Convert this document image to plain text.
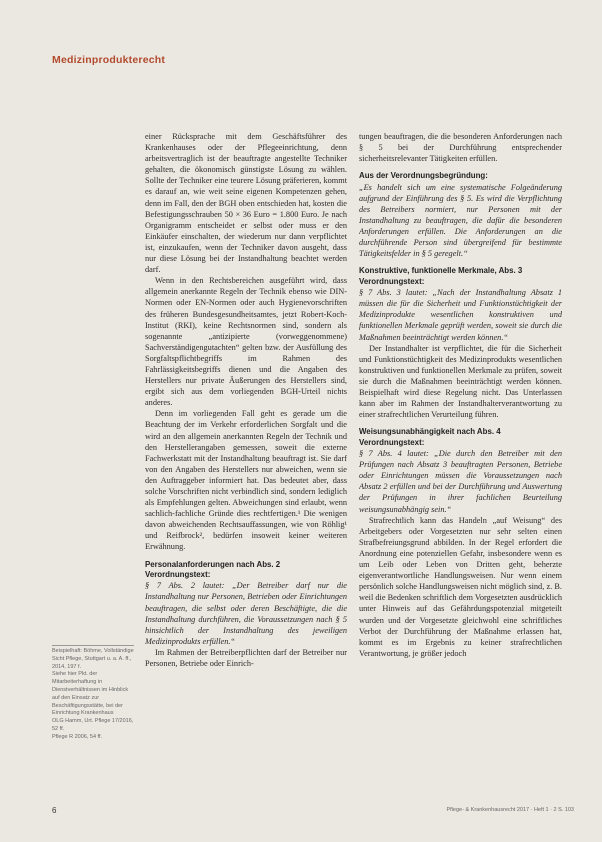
Medizinprodukterecht

einer Rücksprache mit dem Geschäftsführer des Krankenhauses oder der Pflegeeinrichtung, denn arbeitsvertraglich ist der beauftragte angestellte Techniker gehalten, die ökonomisch günstigste Lösung zu wählen. Sollte der Techniker eine teurere Lösung präferieren, kommt es darauf an, wie weit seine eigenen Kompetenzen gehen, denn im Fall, den der BGH oben entschieden hat, kosten die Befestigungsschrauben 50 × 36 Euro = 1.800 Euro. Je nach Organigramm entscheidet er selbst oder muss er den Einkäufer einschalten, der wiederum nur dann verpflichtet ist, einzukaufen, wenn der Techniker davon ausgeht, dass nur diese Lösung bei der Instandhaltung beachtet werden darf.

Wenn in den Rechtsbereichen ausgeführt wird, dass allgemein anerkannte Regeln der Technik ebenso wie DIN-Normen oder EN-Normen oder auch Hygienevorschriften des früheren Bundesgesundheitsamtes, jetzt Robert-Koch-Institut (RKI), keine Rechtsnormen sind, sondern als sogenannte „antizipierte (vorweggenommene) Sachverständigengutachten“ gelten bzw. der Ausfüllung des Sorgfaltspflichtbegriffs im Rahmen des Fahrlässigkeitsbegriffs dienen und die Angaben des Herstellers nur private Äußerungen des Herstellers sind, ergibt sich aus dem vorliegenden BGH-Urteil nichts anderes.

Denn im vorliegenden Fall geht es gerade um die Beachtung der im Verkehr erforderlichen Sorgfalt und die wird an den allgemein anerkannten Regeln der Technik und den Herstellerangaben gemessen, soweit die externe Fachwerkstatt mit der Instandhaltung beauftragt ist. Sie darf von den Angaben des Herstellers nur abweichen, wenn sie den Auftraggeber informiert hat. Das bedeutet aber, dass solche Vorschriften nicht verbindlich sind, sondern lediglich als Empfehlungen gelten. Abweichungen sind erlaubt, wenn sachlich-fachliche Gründe dies rechtfertigen.¹ Die wenigen davon abweichenden Rechtsauffassungen, wie von Röhlig¹ und Reifbrock², bedürfen insoweit keiner weiteren Erwähnung.

Personalanforderungen nach Abs. 2
Verordnungstext:

§ 7 Abs. 2 lautet: „Der Betreiber darf nur die Instandhaltung nur Personen, Betrieben oder Einrichtungen beauftragen, die selbst oder deren Beschäftigte, die die Instandhaltung durchführen, die Voraussetzungen nach § 5 hinsichtlich der Instandhaltung des jeweiligen Medizinprodukts erfüllen.“

Im Rahmen der Betreiberpflichten darf der Betreiber nur Personen, Betriebe oder Einrich-

tungen beauftragen, die die besonderen Anforderungen nach § 5 bei der Durchführung entsprechender sicherheitsrelevanter Tätigkeiten erfüllen.

Aus der Verordnungsbegründung:

„Es handelt sich um eine systematische Folgeänderung aufgrund der Einführung des § 5. Es wird die Verpflichtung des Betreibers normiert, nur Personen mit der Instandhaltung zu beauftragen, die dafür die besonderen Anforderungen erfüllen. Die Anforderungen an die durchführende Person sind übergreifend für bestimmte Tätigkeitsfelder in § 5 geregelt.“

Konstruktive, funktionelle Merkmale, Abs. 3
Verordnungstext:

§ 7 Abs. 3 lautet: „Nach der Instandhaltung Absatz 1 müssen die für die Sicherheit und Funktionstüchtigkeit der Medizinprodukte wesentlichen konstruktiven und funktionellen Merkmale geprüft werden, soweit sie durch die Maßnahmen beeinträchtigt werden können.“

Der Instandhalter ist verpflichtet, die für die Sicherheit und Funktionstüchtigkeit des Medizinprodukts wesentlichen konstruktiven und funktionellen Merkmale zu prüfen, soweit sie durch die Maßnahmen beeinträchtigt werden können. Beispielhaft wird diese Regelung nicht. Das Unterlassen kann aber im Rahmen der Instandhalterverantwortung zu einer strafrechtlichen Verurteilung führen.

Weisungsunabhängigkeit nach Abs. 4
Verordnungstext:

§ 7 Abs. 4 lautet: „Die durch den Betreiber mit den Prüfungen nach Absatz 3 beauftragten Personen, Betriebe oder Einrichtungen müssen die Voraussetzungen nach Absatz 2 erfüllen und bei der Durchführung und Auswertung der Prüfungen in ihrer fachlichen Beurteilung weisungsunabhängig sein.“

Strafrechtlich kann das Handeln „auf Weisung“ des Arbeitgebers oder Vorgesetzten nur sehr selten einen Strafbefreiungsgrund abbilden. In der Regel erfordert die Anordnung eine potenziellen Gefahr, insbesondere wenn es um Leib oder Leben von Dritten geht, beherzte eigenverantwortliche Handlungsweisen. Nur wenn einem persönlich solche Handlungsweisen nicht möglich sind, z. B. weil die Bedenken schriftlich dem Vorgesetzten ausdrücklich unter Hinweis auf das Gefährdungspotenzial mitgeteilt wurden und der Vorgesetzte gleichwohl eine schriftliches Verbot der Durchführung der Maßnahme erlassen hat, kommt es im Ergebnis zu keiner strafrechtlichen Verantwortung, je größer jedoch

Beispielhaft: Böhme, Vollständige Sicht Pflege, Stuttgart u. a. A. ff., 2014, 197 f.

Siehe hier Pkt. der Mitarbeiterhaftung in Dienstverhältnissen im Hinblick auf den Einsatz zur Beschäftigungsstätte, bei der Einrichtung Krankenhaus

OLG Hamm, Urt. Pflege 17/2016, 52 ff.

Pflege R 2006, 54 ff.

6	Pflege- & Krankenhausrecht 2017 · Heft 1 · 2 S. 103
